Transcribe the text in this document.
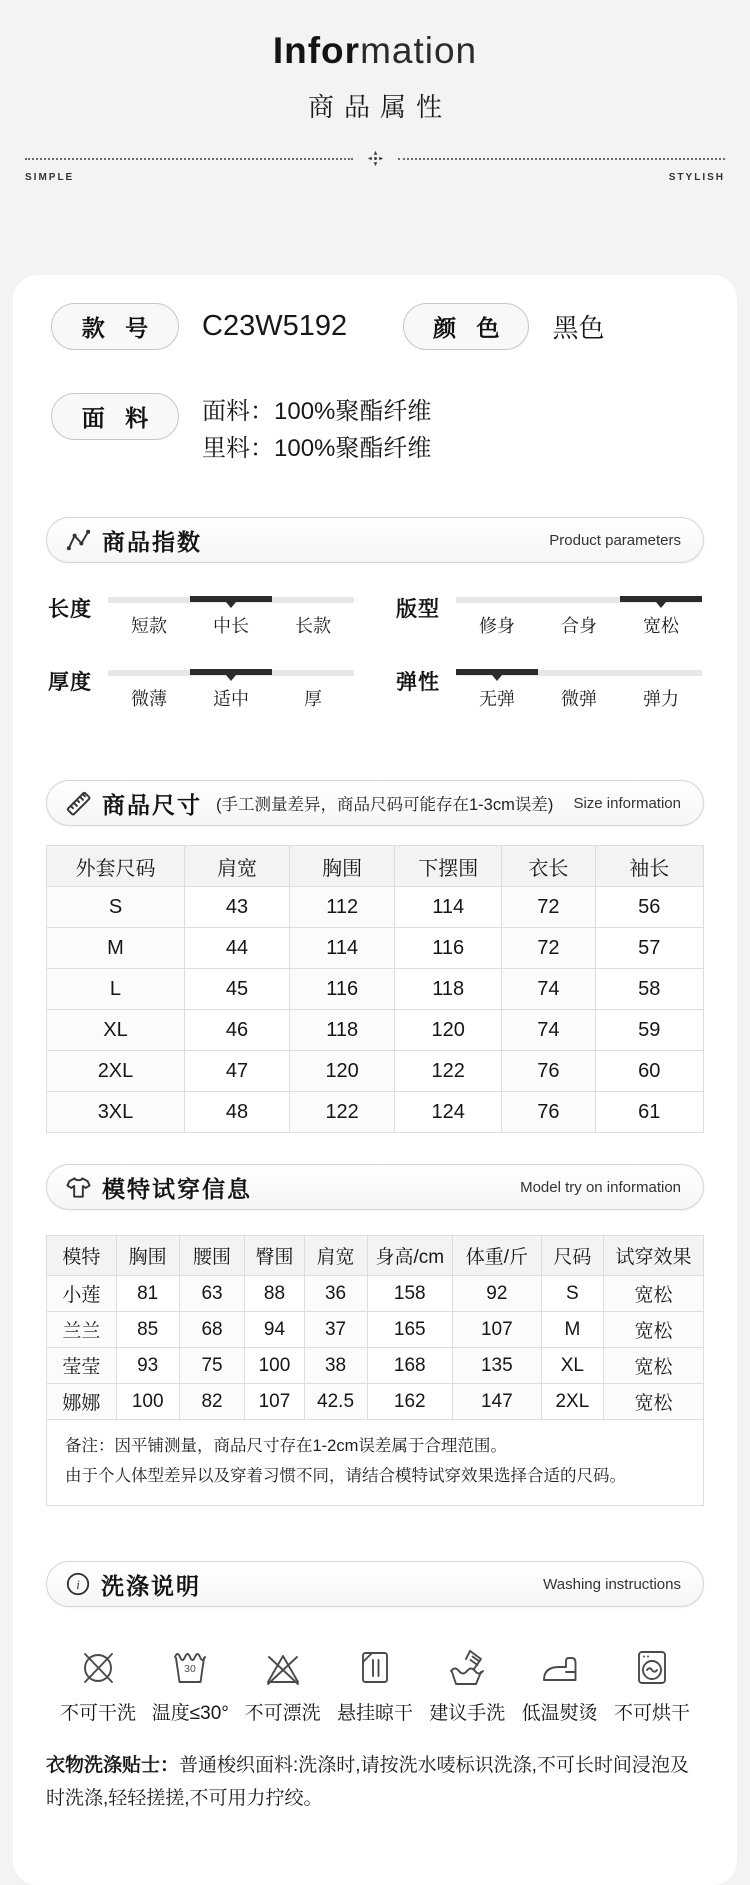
Information
商品属性
SIMPLE	STYLISH
款 号	C23W5192	颜 色	黑色
面 料	面料：100%聚酯纤维
里料：100%聚酯纤维
商品指数	Product parameters
长度
短款	中长	长款
版型
修身	合身	宽松
厚度
微薄	适中	厚
弹性
无弹	微弹	弹力
商品尺寸 (手工测量差异，商品尺码可能存在1-3cm误差) Size information
外套尺码	肩宽	胸围	下摆围	衣长	袖长
S	43	112	114	72	56
M	44	114	116	72	57
L	45	116	118	74	58
XL	46	118	120	74	59
2XL	47	120	122	76	60
3XL	48	122	124	76	61
模特试穿信息	Model try on information
模特	胸围	腰围	臀围	肩宽	身高/cm	体重/斤	尺码	试穿效果
小莲	81	63	88	36	158	92	S	宽松
兰兰	85	68	94	37	165	107	M	宽松
莹莹	93	75	100	38	168	135	XL	宽松
娜娜	100	82	107	42.5	162	147	2XL	宽松
备注：因平铺测量，商品尺寸存在1-2cm误差属于合理范围。
由于个人体型差异以及穿着习惯不同，请结合模特试穿效果选择合适的尺码。
i 洗涤说明	Washing instructions
不可干洗
30
温度≤30° 不可漂洗 悬挂晾干 建议手洗 低温熨烫 不可烘干
衣物洗涤贴士：普通梭织面料:洗涤时,请按洗水唛标识洗涤,不可长时间浸泡及时洗涤,轻轻搓搓,不可用力拧绞。
